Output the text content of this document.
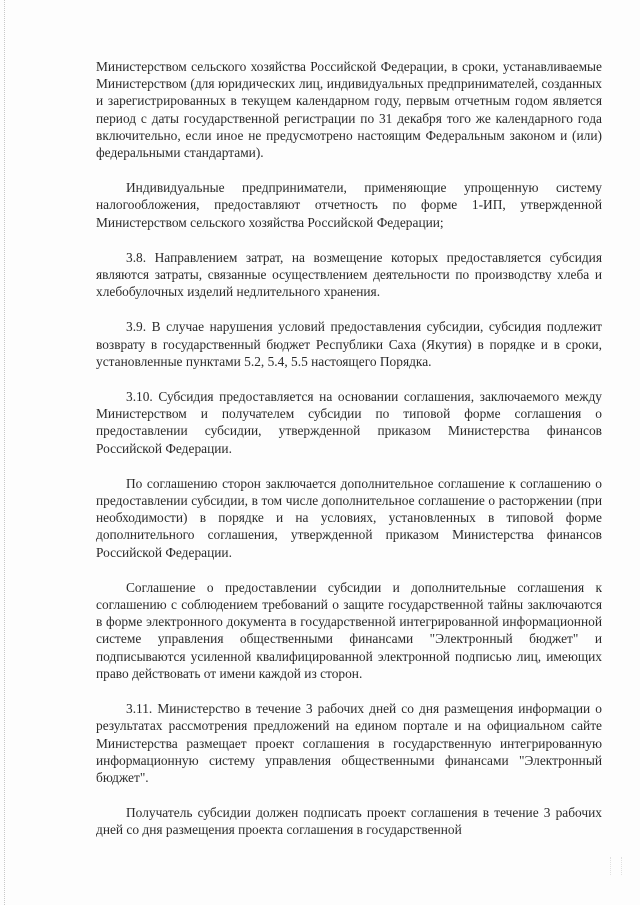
Министерством сельского хозяйства Российской Федерации, в сроки, устанавливаемые Министерством (для юридических лиц, индивидуальных предпринимателей, созданных и зарегистрированных в текущем календарном году, первым отчетным годом является период с даты государственной регистрации по 31 декабря того же календарного года включительно, если иное не предусмотрено настоящим Федеральным законом и (или) федеральными стандартами).

Индивидуальные предприниматели, применяющие упрощенную систему налогообложения, предоставляют отчетность по форме 1-ИП, утвержденной Министерством сельского хозяйства Российской Федерации;

3.8. Направлением затрат, на возмещение которых предоставляется субсидия являются затраты, связанные осуществлением деятельности по производству хлеба и хлебобулочных изделий недлительного хранения.

3.9. В случае нарушения условий предоставления субсидии, субсидия подлежит возврату в государственный бюджет Республики Саха (Якутия) в порядке и в сроки, установленные пунктами 5.2, 5.4, 5.5 настоящего Порядка.

3.10. Субсидия предоставляется на основании соглашения, заключаемого между Министерством и получателем субсидии по типовой форме соглашения о предоставлении субсидии, утвержденной приказом Министерства финансов Российской Федерации.

По соглашению сторон заключается дополнительное соглашение к соглашению о предоставлении субсидии, в том числе дополнительное соглашение о расторжении (при необходимости) в порядке и на условиях, установленных в типовой форме дополнительного соглашения, утвержденной приказом Министерства финансов Российской Федерации.

Соглашение о предоставлении субсидии и дополнительные соглашения к соглашению с соблюдением требований о защите государственной тайны заключаются в форме электронного документа в государственной интегрированной информационной системе управления общественными финансами "Электронный бюджет" и подписываются усиленной квалифицированной электронной подписью лиц, имеющих право действовать от имени каждой из сторон.

3.11. Министерство в течение 3 рабочих дней со дня размещения информации о результатах рассмотрения предложений на едином портале и на официальном сайте Министерства размещает проект соглашения в государственную интегрированную информационную систему управления общественными финансами "Электронный бюджет".

Получатель субсидии должен подписать проект соглашения в течение 3 рабочих дней со дня размещения проекта соглашения в государственной
